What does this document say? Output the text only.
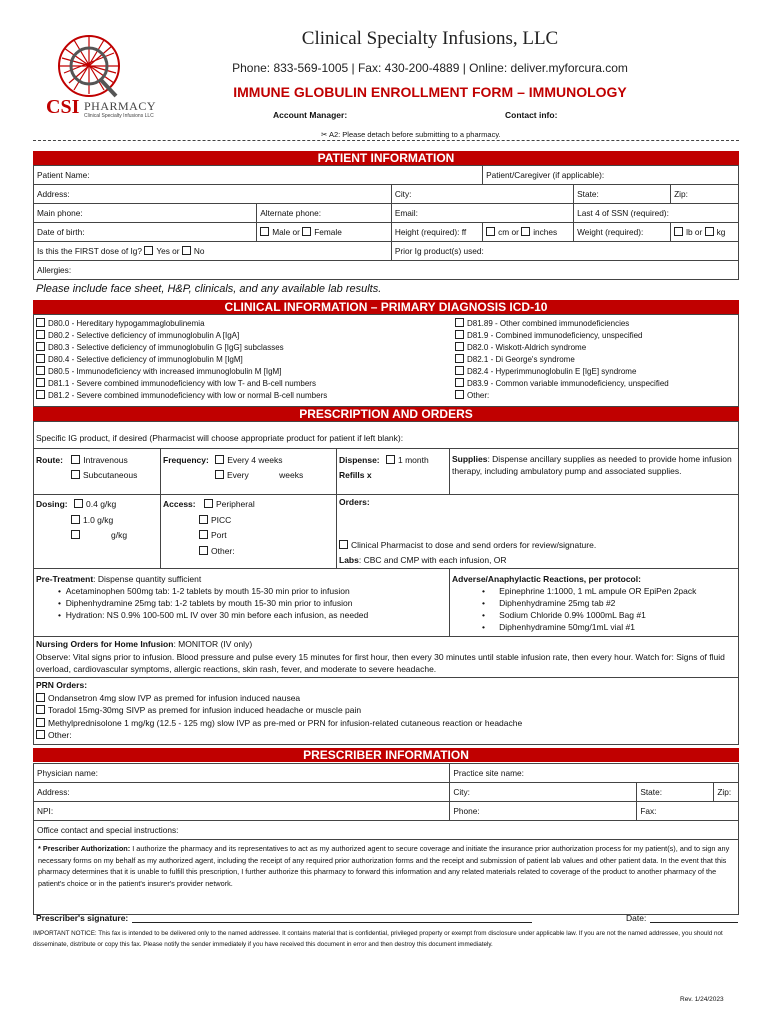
CSI PHARMACY
Clinical Specialty Infusions LLC
Clinical Specialty Infusions, LLC
Phone: 833-569-1005 | Fax: 430-200-4889 | Online: deliver.myforcura.com
IMMUNE GLOBULIN ENROLLMENT FORM – IMMUNOLOGY
Account Manager:	Contact info:
✂ A2: Please detach before submitting to a pharmacy.
PATIENT INFORMATION
Patient Name:			Patient/Caregiver (if applicable):		
Address:		City:		State:	Zip:
Main phone:	Alternate phone:	Email:		Last 4 of SSN (required):	
Date of birth:	Male or Female	Height (required): ff	cm or inches	Weight (required):	lb or kg
Is this the FIRST dose of Ig? Yes or No		Prior Ig product(s) used:			
Allergies:					
Please include face sheet, H&P, clinicals, and any available lab results.
CLINICAL INFORMATION – PRIMARY DIAGNOSIS ICD-10
D80.0 - Hereditary hypogammaglobulinemia
D80.2 - Selective deficiency of immunoglobulin A [IgA]
D80.3 - Selective deficiency of immunoglobulin G [IgG] subclasses
D80.4 - Selective deficiency of immunoglobulin M [IgM]
D80.5 - Immunodeficiency with increased immunoglobulin M [IgM]
D81.1 - Severe combined immunodeficiency with low T- and B-cell numbers
D81.2 - Severe combined immunodeficiency with low or normal B-cell numbers
D81.89 - Other combined immunodeficiencies
D81.9 - Combined immunodeficiency, unspecified
D82.0 - Wiskott-Aldrich syndrome
D82.1 - Di George's syndrome
D82.4 - Hyperimmunoglobulin E [IgE] syndrome
D83.9 - Common variable immunodeficiency, unspecified
Other:
PRESCRIPTION AND ORDERS
Specific IG product, if desired (Pharmacist will choose appropriate product for patient if left blank):
Route: Intravenous
Subcutaneous
Frequency: Every 4 weeks
Every	weeks
Dispense: 1 month
Refills x
Supplies: Dispense ancillary supplies as needed to provide home infusion therapy, including ambulatory pump and associated supplies.
Dosing: 0.4 g/kg
1.0 g/kg
g/kg
Access: Peripheral
PICC
Port
Other:
Orders:
Clinical Pharmacist to dose and send orders for review/signature.
Labs: CBC and CMP with each infusion, OR
Pre-Treatment: Dispense quantity sufficient
•  Acetaminophen 500mg tab: 1-2 tablets by mouth 15-30 min prior to infusion
•  Diphenhydramine 25mg tab: 1-2 tablets by mouth 15-30 min prior to infusion
•  Hydration: NS 0.9% 100-500 mL IV over 30 min before each infusion, as needed
Adverse/Anaphylactic Reactions, per protocol:
•      Epinephrine 1:1000, 1 mL ampule OR EpiPen 2pack
•      Diphenhydramine 25mg tab #2
•      Sodium Chloride 0.9% 1000mL Bag #1
•      Diphenhydramine 50mg/1mL vial #1
Nursing Orders for Home Infusion: MONITOR (IV only)
Observe: Vital signs prior to infusion. Blood pressure and pulse every 15 minutes for first hour, then every 30 minutes until stable infusion rate, then every hour. Watch for: Signs of fluid overload, cardiovascular symptoms, allergic reactions, skin rash, fever, and moderate to severe headache.
PRN Orders:
Ondansetron 4mg slow IVP as premed for infusion induced nausea
Toradol 15mg-30mg SIVP as premed for infusion induced headache or muscle pain
Methylprednisolone 1 mg/kg (12.5 - 125 mg) slow IVP as pre-med or PRN for infusion-related cutaneous reaction or headache
Other:
PRESCRIBER INFORMATION
Physician name:	Practice site name:		
Address:	City:	State:	Zip:
NPI:	Phone:	Fax:	
Office contact and special instructions:			
* Prescriber Authorization: I authorize the pharmacy and its representatives to act as my authorized agent to secure coverage and initiate the insurance prior authorization process for my patient(s), and to sign any necessary forms on my behalf as my authorized agent, including the receipt of any required prior authorization forms and the receipt and submission of patient lab values and other patient data. In the event that this pharmacy determines that it is unable to fulfill this prescription, I further authorize this pharmacy to forward this information and any related materials related to coverage of the product to another pharmacy of the patient's choice or in the patient's insurer's provider network.
Prescriber's signature:	Date:
IMPORTANT NOTICE: This fax is intended to be delivered only to the named addressee. It contains material that is confidential, privileged property or exempt from disclosure under applicable law. If you are not the named addressee, you should not disseminate, distribute or copy this fax. Please notify the sender immediately if you have received this document in error and then destroy this document immediately.
Rev. 1/24/2023
